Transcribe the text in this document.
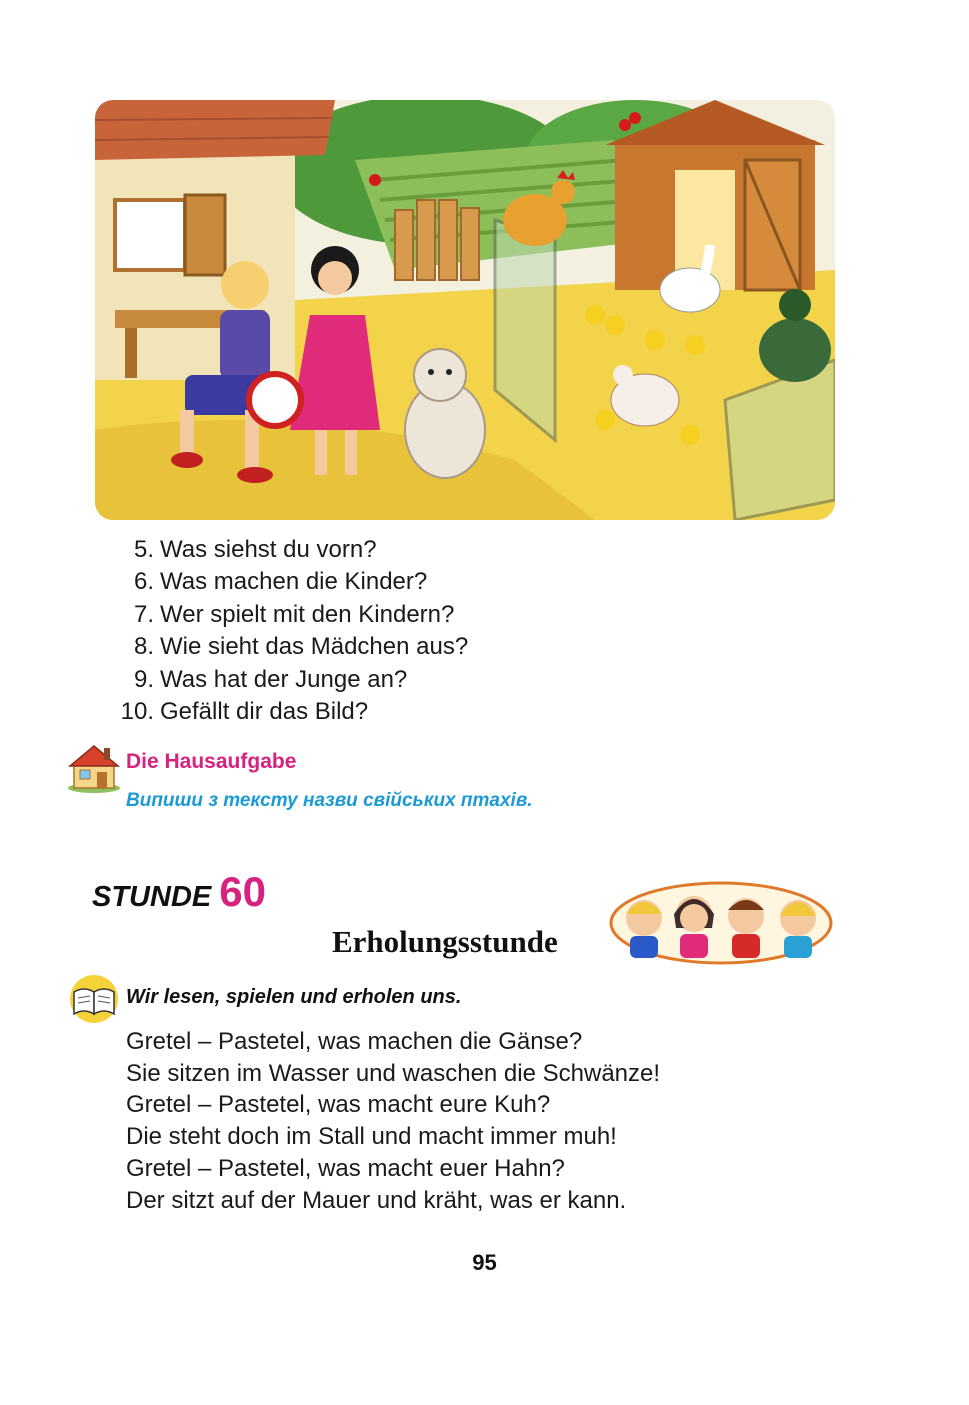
5. Was siehst du vorn?
6. Was machen die Kinder?
7. Wer spielt mit den Kindern?
8. Wie sieht das Mädchen aus?
9. Was hat der Junge an?
10. Gefällt dir das Bild?
Die Hausaufgabe
Випиши з тексту назви свійських птахів.
STUNDE 60
Erholungsstunde
Wir lesen, spielen und erholen uns.
Gretel – Pastetel, was machen die Gänse?
Sie sitzen im Wasser und waschen die Schwänze!
Gretel – Pastetel, was macht eure Kuh?
Die steht doch im Stall und macht immer muh!
Gretel – Pastetel, was macht euer Hahn?
Der sitzt auf der Mauer und kräht, was er kann.
95
